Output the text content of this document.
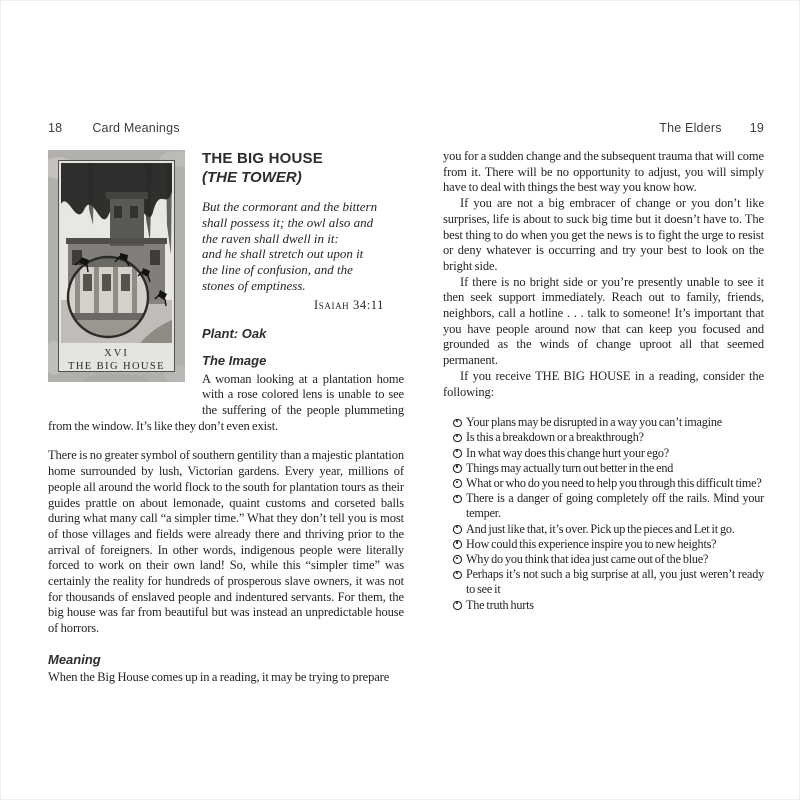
18 Card Meanings
XVI
THE BIG HOUSE
THE BIG HOUSE
(THE TOWER)
But the cormorant and the bittern
shall possess it; the owl also and
the raven shall dwell in it:
and he shall stretch out upon it
the line of confusion, and the
stones of emptiness.
Isaiah 34:11

Plant: Oak

The Image

A woman looking at a plantation home with a rose colored lens is unable to see the suffering of the people plummeting from the window. It’s like they don’t even exist.

There is no greater symbol of southern gentility than a majestic plantation home surrounded by lush, Victorian gardens. Every year, millions of people all around the world flock to the south for plantation tours as their guides prattle on about lemonade, quaint customs and corseted balls during what many call “a simpler time.” What they don’t tell you is most of those villages and fields were already there and thriving prior to the arrival of foreigners. In other words, indigenous people were literally forced to work on their own land! So, while this “simpler time” was certainly the reality for hundreds of prosperous slave owners, it was not for thousands of enslaved people and indentured servants. For them, the big house was far from beautiful but was instead an unpredictable house of horrors.

Meaning

When the Big House comes up in a reading, it may be trying to prepare

The Elders 19

you for a sudden change and the subsequent trauma that will come from it. There will be no opportunity to adjust, you will simply have to deal with things the best way you know how.

If you are not a big embracer of change or you don’t like surprises, life is about to suck big time but it doesn’t have to. The best thing to do when you get the news is to fight the urge to resist or deny whatever is occurring and try your best to look on the bright side.

If there is no bright side or you’re presently unable to see it then seek support immediately. Reach out to family, friends, neighbors, call a hotline . . . talk to someone! It’s important that you have people around now that can keep you focused and grounded as the winds of change uproot all that seemed permanent.

If you receive THE BIG HOUSE in a reading, consider the following:

Your plans may be disrupted in a way you can’t imagine
Is this a breakdown or a breakthrough?
In what way does this change hurt your ego?
Things may actually turn out better in the end
What or who do you need to help you through this difficult time?
There is a danger of going completely off the rails. Mind your temper.
And just like that, it’s over. Pick up the pieces and Let it go.
How could this experience inspire you to new heights?
Why do you think that idea just came out of the blue?
Perhaps it’s not such a big surprise at all, you just weren’t ready to see it
The truth hurts
